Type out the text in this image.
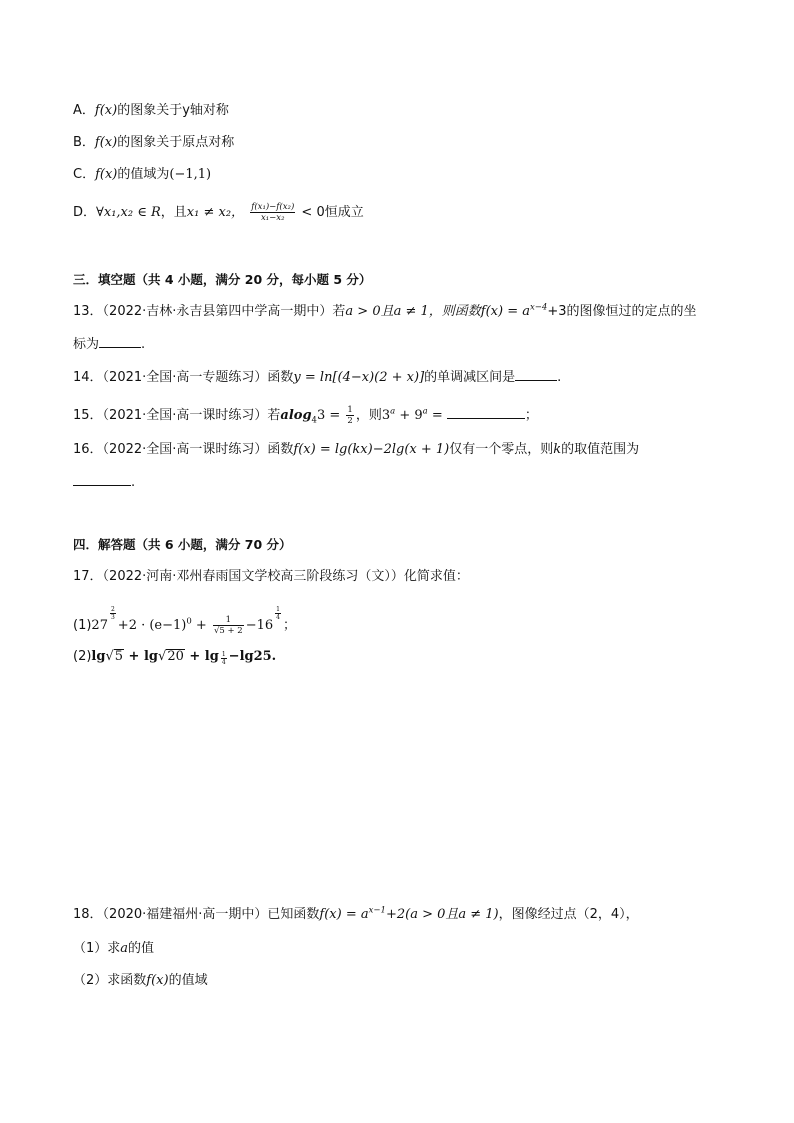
A．f(x)的图象关于y轴对称
B．f(x)的图象关于原点对称
C．f(x)的值域为(−1,1)
D．∀x₁,x₂ ∈ R，且x₁ ≠ x₂， $\frac{\text{f(x₁)−f(x₂)}}{\text{x₁−x₂}} < 0$恒成立
三．填空题（共 4 小题，满分 20 分，每小题 5 分）
13．（2022·吉林·永吉县第四中学高一期中）若a > 0且a ≠ 1，则函数$f(x) = a^{x-4}+3$的图像恒过的定点的坐
标为	.
14．（2021·全国·高一专题练习）函数y = ln[(4−x)(2 + x)]的单调减区间是	.
15．（2021·全国·高一课时练习）若$alog_43 = \frac{1}{2}$ ，则$3^a + 9^a$ =	；
16．（2022·全国·高一课时练习）函数f(x) = lg(kx)−2lg(x + 1)仅有一个零点，则k的取值范围为
.
四．解答题（共 6 小题，满分 70 分）
17．（2022·河南·邓州春雨国文学校高三阶段练习（文））化简求值：
(1)27
$^{\frac{2}{3}}$
$+2 \cdot (e-1)^0 + \frac{1}{√5 + 2} -16$
$^{\frac{1}{4}}$
；
(2)lg√5 + lg√20 + lg $_{\frac{1}{4}}$ −lg25.
18．（2020·福建福州·高一期中）已知函数$f(x) = a^{x-1}+2(a > 0$且a ≠ 1)，图像经过点（2，4），
（1）求a的值
（2）求函数f(x)的值域
